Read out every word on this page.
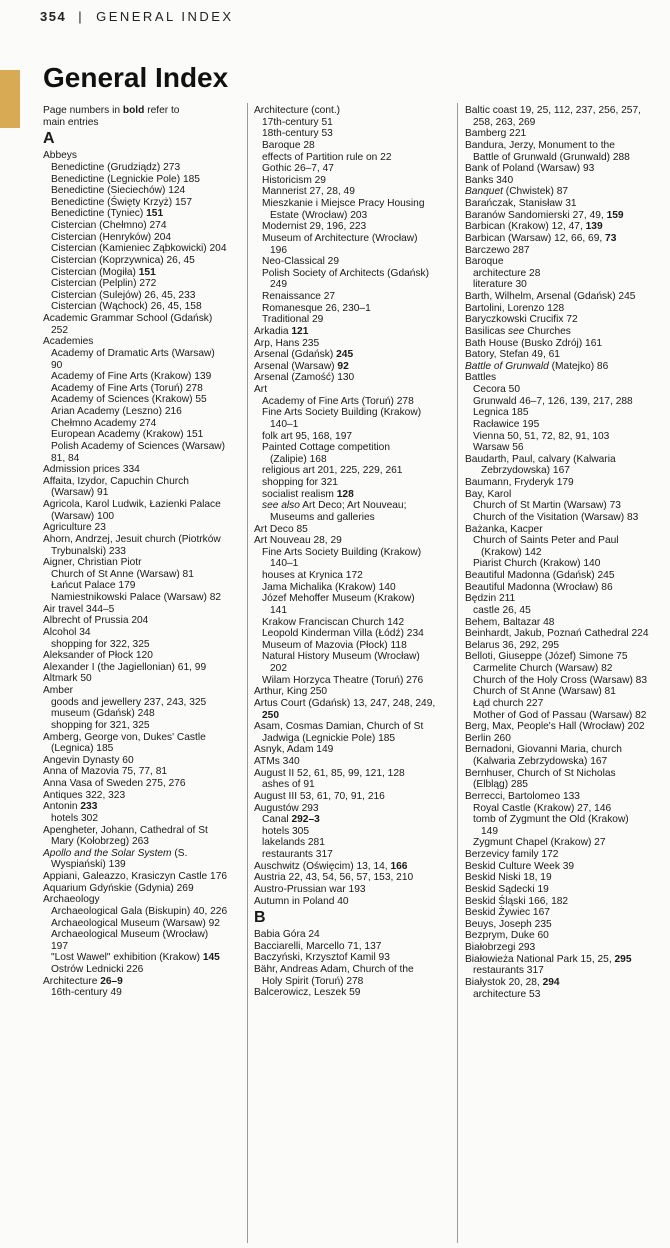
354 | GENERAL INDEX
General Index
Page numbers in bold refer to
main entries
A
Abbeys
Benedictine (Grudziądz) 273
Benedictine (Legnickie Pole) 185
Benedictine (Sieciechów) 124
Benedictine (Święty Krzyż) 157
Benedictine (Tyniec) 151
Cistercian (Chełmno) 274
Cistercian (Henryków) 204
Cistercian (Kamieniec Ząbkowicki) 204
Cistercian (Koprzywnica) 26, 45
Cistercian (Mogiła) 151
Cistercian (Pelplin) 272
Cistercian (Sulejów) 26, 45, 233
Cistercian (Wąchock) 26, 45, 158
Academic Grammar School (Gdańsk)
252
Academies
Academy of Dramatic Arts (Warsaw)
90
Academy of Fine Arts (Krakow) 139
Academy of Fine Arts (Toruń) 278
Academy of Sciences (Krakow) 55
Arian Academy (Leszno) 216
Chełmno Academy 274
European Academy (Krakow) 151
Polish Academy of Sciences (Warsaw)
81, 84
Admission prices 334
Affaita, Izydor, Capuchin Church
(Warsaw) 91
Agricola, Karol Ludwik, Łazienki Palace
(Warsaw) 100
Agriculture 23
Ahorn, Andrzej, Jesuit church (Piotrków
Trybunalski) 233
Aigner, Christian Piotr
Church of St Anne (Warsaw) 81
Łańcut Palace 179
Namiestnikowski Palace (Warsaw) 82
Air travel 344–5
Albrecht of Prussia 204
Alcohol 34
shopping for 322, 325
Aleksander of Płock 120
Alexander I (the Jagiellonian) 61, 99
Altmark 50
Amber
goods and jewellery 237, 243, 325
museum (Gdańsk) 248
shopping for 321, 325
Amberg, George von, Dukes' Castle
(Legnica) 185
Angevin Dynasty 60
Anna of Mazovia 75, 77, 81
Anna Vasa of Sweden 275, 276
Antiques 322, 323
Antonin 233
hotels 302
Apengheter, Johann, Cathedral of St
Mary (Kołobrzeg) 263
Apollo and the Solar System (S.
Wyspiański) 139
Appiani, Galeazzo, Krasiczyn Castle 176
Aquarium Gdyńskie (Gdynia) 269
Archaeology
Archaeological Gala (Biskupin) 40, 226
Archaeological Museum (Warsaw) 92
Archaeological Museum (Wrocław)
197
"Lost Wawel" exhibition (Krakow) 145
Ostrów Lednicki 226
Architecture 26–9
16th-century 49
Architecture (cont.)
17th-century 51
18th-century 53
Baroque 28
effects of Partition rule on 22
Gothic 26–7, 47
Historicism 29
Mannerist 27, 28, 49
Mieszkanie i Miejsce Pracy Housing
Estate (Wrocław) 203
Modernist 29, 196, 223
Museum of Architecture (Wrocław)
196
Neo-Classical 29
Polish Society of Architects (Gdańsk)
249
Renaissance 27
Romanesque 26, 230–1
Traditional 29
Arkadia 121
Arp, Hans 235
Arsenal (Gdańsk) 245
Arsenal (Warsaw) 92
Arsenal (Zamość) 130
Art
Academy of Fine Arts (Toruń) 278
Fine Arts Society Building (Krakow)
140–1
folk art 95, 168, 197
Painted Cottage competition
(Zalipie) 168
religious art 201, 225, 229, 261
shopping for 321
socialist realism 128
see also Art Deco; Art Nouveau;
Museums and galleries
Art Deco 85
Art Nouveau 28, 29
Fine Arts Society Building (Krakow)
140–1
houses at Krynica 172
Jama Michalika (Krakow) 140
Józef Mehoffer Museum (Krakow)
141
Krakow Franciscan Church 142
Leopold Kinderman Villa (Łódź) 234
Museum of Mazovia (Płock) 118
Natural History Museum (Wrocław)
202
Wilam Horzyca Theatre (Toruń) 276
Arthur, King 250
Artus Court (Gdańsk) 13, 247, 248, 249,
250
Asam, Cosmas Damian, Church of St
Jadwiga (Legnickie Pole) 185
Asnyk, Adam 149
ATMs 340
August II 52, 61, 85, 99, 121, 128
ashes of 91
August III 53, 61, 70, 91, 216
Augustów 293
Canal 292–3
hotels 305
lakelands 281
restaurants 317
Auschwitz (Oświęcim) 13, 14, 166
Austria 22, 43, 54, 56, 57, 153, 210
Austro-Prussian war 193
Autumn in Poland 40
B
Babia Góra 24
Bacciarelli, Marcello 71, 137
Baczyński, Krzysztof Kamil 93
Bähr, Andreas Adam, Church of the
Holy Spirit (Toruń) 278
Balcerowicz, Leszek 59
Baltic coast 19, 25, 112, 237, 256, 257,
258, 263, 269
Bamberg 221
Bandura, Jerzy, Monument to the
Battle of Grunwald (Grunwald) 288
Bank of Poland (Warsaw) 93
Banks 340
Banquet (Chwistek) 87
Barańczak, Stanisław 31
Baranów Sandomierski 27, 49, 159
Barbican (Krakow) 12, 47, 139
Barbican (Warsaw) 12, 66, 69, 73
Barczewo 287
Baroque
architecture 28
literature 30
Barth, Wilhelm, Arsenal (Gdańsk) 245
Bartolini, Lorenzo 128
Baryczkowski Crucifix 72
Basilicas see Churches
Bath House (Busko Zdrój) 161
Batory, Stefan 49, 61
Battle of Grunwald (Matejko) 86
Battles
Cecora 50
Grunwald 46–7, 126, 139, 217, 288
Legnica 185
Racławice 195
Vienna 50, 51, 72, 82, 91, 103
Warsaw 56
Baudarth, Paul, calvary (Kalwaria
Zebrzydowska) 167
Baumann, Fryderyk 179
Bay, Karol
Church of St Martin (Warsaw) 73
Church of the Visitation (Warsaw) 83
Bażanka, Kacper
Church of Saints Peter and Paul
(Krakow) 142
Piarist Church (Krakow) 140
Beautiful Madonna (Gdańsk) 245
Beautiful Madonna (Wrocław) 86
Będzin 211
castle 26, 45
Behem, Baltazar 48
Beinhardt, Jakub, Poznań Cathedral 224
Belarus 36, 292, 295
Belloti, Giuseppe (Józef) Simone 75
Carmelite Church (Warsaw) 82
Church of the Holy Cross (Warsaw) 83
Church of St Anne (Warsaw) 81
Łąd church 227
Mother of God of Passau (Warsaw) 82
Berg, Max, People's Hall (Wrocław) 202
Berlin 260
Bernadoni, Giovanni Maria, church
(Kalwaria Zebrzydowska) 167
Bernhuser, Church of St Nicholas
(Elbląg) 285
Berrecci, Bartolomeo 133
Royal Castle (Krakow) 27, 146
tomb of Zygmunt the Old (Krakow)
149
Zygmunt Chapel (Krakow) 27
Berzevicy family 172
Beskid Culture Week 39
Beskid Niski 18, 19
Beskid Sądecki 19
Beskid Śląski 166, 182
Beskid Żywiec 167
Beuys, Joseph 235
Bezprym, Duke 60
Białobrzegi 293
Białowieża National Park 15, 25, 295
restaurants 317
Białystok 20, 28, 294
architecture 53
